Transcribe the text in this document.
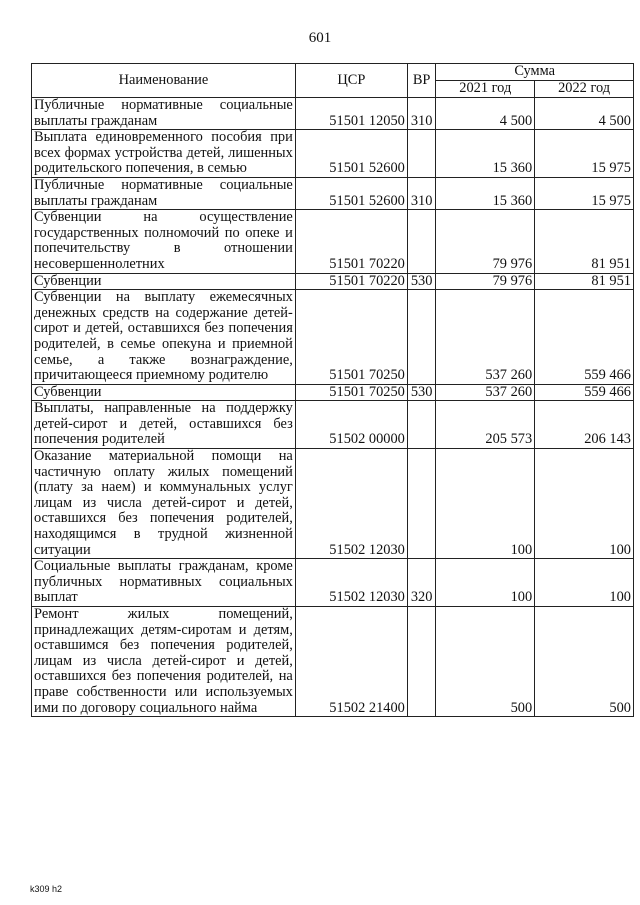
601
Наименование	ЦСР	ВР	Сумма	
			2021 год	2022 год
Публичные нормативные социальные выплаты гражданам	51501 12050	310	4 500	4 500
Выплата единовременного пособия при всех формах устройства детей, лишенных родительского попечения, в семью	51501 52600		15 360	15 975
Публичные нормативные социальные выплаты гражданам	51501 52600	310	15 360	15 975
Субвенции на осуществление государственных полномочий по опеке и попечительству в отношении несовершеннолетних	51501 70220		79 976	81 951
Субвенции	51501 70220	530	79 976	81 951
Субвенции на выплату ежемесячных денежных средств на содержание детей-сирот и детей, оставшихся без попечения родителей, в семье опекуна и приемной семье, а также вознаграждение, причитающееся приемному родителю	51501 70250		537 260	559 466
Субвенции	51501 70250	530	537 260	559 466
Выплаты, направленные на поддержку детей-сирот и детей, оставшихся без попечения родителей	51502 00000		205 573	206 143
Оказание материальной помощи на частичную оплату жилых помещений (плату за наем) и коммунальных услуг лицам из числа детей-сирот и детей, оставшихся без попечения родителей, находящимся в трудной жизненной ситуации	51502 12030		100	100
Социальные выплаты гражданам, кроме публичных нормативных социальных выплат	51502 12030	320	100	100
Ремонт жилых помещений, принадлежащих детям-сиротам и детям, оставшимся без попечения родителей, лицам из числа детей-сирот и детей, оставшихся без попечения родителей, на праве собственности или используемых ими по договору социального найма	51502 21400		500	500
k309 h2
